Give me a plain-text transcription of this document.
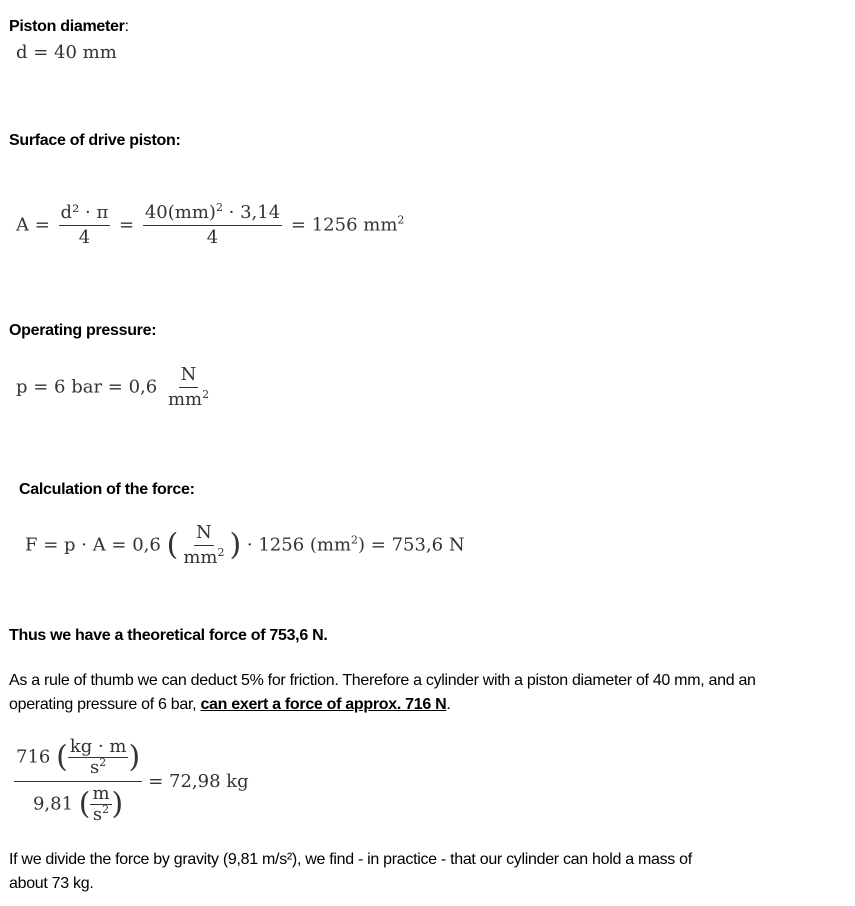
Piston diameter:
d = 40 mm
Surface of drive piston:
$A = \frac{\text{d² · π}}{4} = \frac{40(mm)^2 \cdot 3,14}{4} = 1256$ $mm^2$
Operating pressure:
p = 6 bar = $0,6 \frac{N}{mm^2}$
Calculation of the force:
F = p · A = 0,6 ( $\frac{N}{mm^2}$ ) · 1256 $(mm^2) = 753,6$ N
Thus we have a theoretical force of 753,6 N.
As a rule of thumb we can deduct 5% for friction. Therefore a cylinder with a piston diameter of 40 mm, and an
operating pressure of 6 bar, can exert a force of approx. 716 N.
$\frac{716 ( \frac{kg \cdot m}{s^2} )}{9,81 ( \frac{m}{s^2} )} = 72,98$ kg
If we divide the force by gravity (9,81 m/s²), we find - in practice - that our cylinder can hold a mass of
about 73 kg.
